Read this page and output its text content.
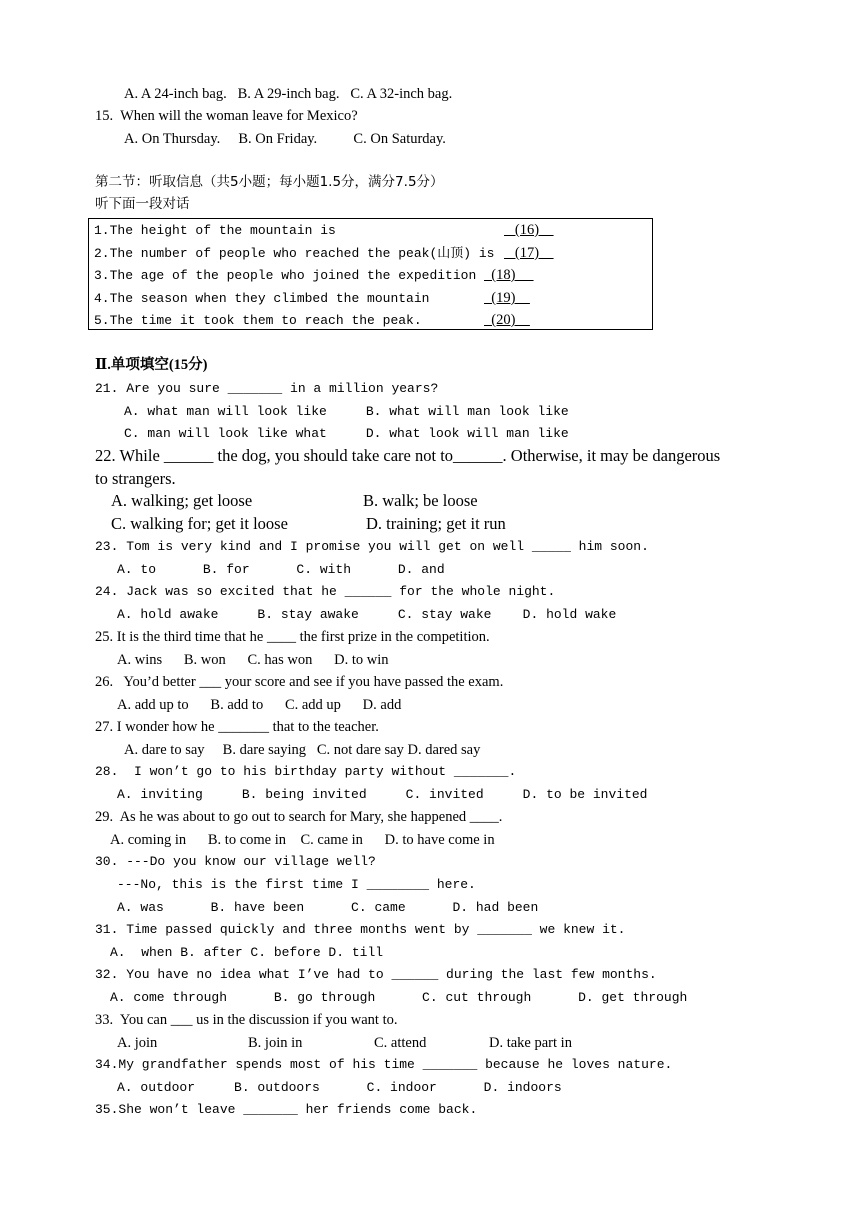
A. A 24-inch bag.   B. A 29-inch bag.   C. A 32-inch bag.
15.  When will the woman leave for Mexico?
A. On Thursday.     B. On Friday.          C. On Saturday.
第二节：听取信息（共5小题；每小题1.5分，满分7.5分）
听下面一段对话
1.The height of the mountain is	(16)
2.The number of people who reached the peak(山顶) is (17)
3.The age of the people who joined the expedition (18)
4.The season when they climbed the mountain	(19)
5.The time it took them to reach the peak.	(20)
Ⅱ.单项填空(15分)
21. Are you sure _______ in a million years?
A. what man will look like     B. what will man look like
C. man will look like what     D. what look will man like
22. While ______ the dog, you should take care not to______. Otherwise, it may be dangerous
to strangers.
A. walking; get loose	B. walk; be loose
C. walking for; get it loose	D. training; get it run
23. Tom is very kind and I promise you will get on well _____ him soon.
A. to      B. for      C. with      D. and
24. Jack was so excited that he ______ for the whole night.
A. hold awake     B. stay awake     C. stay wake    D. hold wake
25. It is the third time that he ____ the first prize in the competition.
A. wins      B. won      C. has won      D. to win
26.   You’d better ___ your score and see if you have passed the exam.
A. add up to      B. add to      C. add up      D. add
27. I wonder how he _______ that to the teacher.
A. dare to say     B. dare saying   C. not dare say D. dared say
28.  I won’t go to his birthday party without _______.
A. inviting     B. being invited     C. invited     D. to be invited
29.  As he was about to go out to search for Mary, she happened ____.
A. coming in      B. to come in    C. came in      D. to have come in
30. ---Do you know our village well?
---No, this is the first time I ________ here.
A. was      B. have been      C. came      D. had been
31. Time passed quickly and three months went by _______ we knew it.
A.  when B. after C. before D. till
32. You have no idea what I’ve had to ______ during the last few months.
A. come through      B. go through      C. cut through      D. get through
33.  You can ___ us in the discussion if you want to.
A. join	B. join in	C. attend	D. take part in
34.My grandfather spends most of his time _______ because he loves nature.
A. outdoor     B. outdoors      C. indoor      D. indoors
35.She won’t leave _______ her friends come back.
